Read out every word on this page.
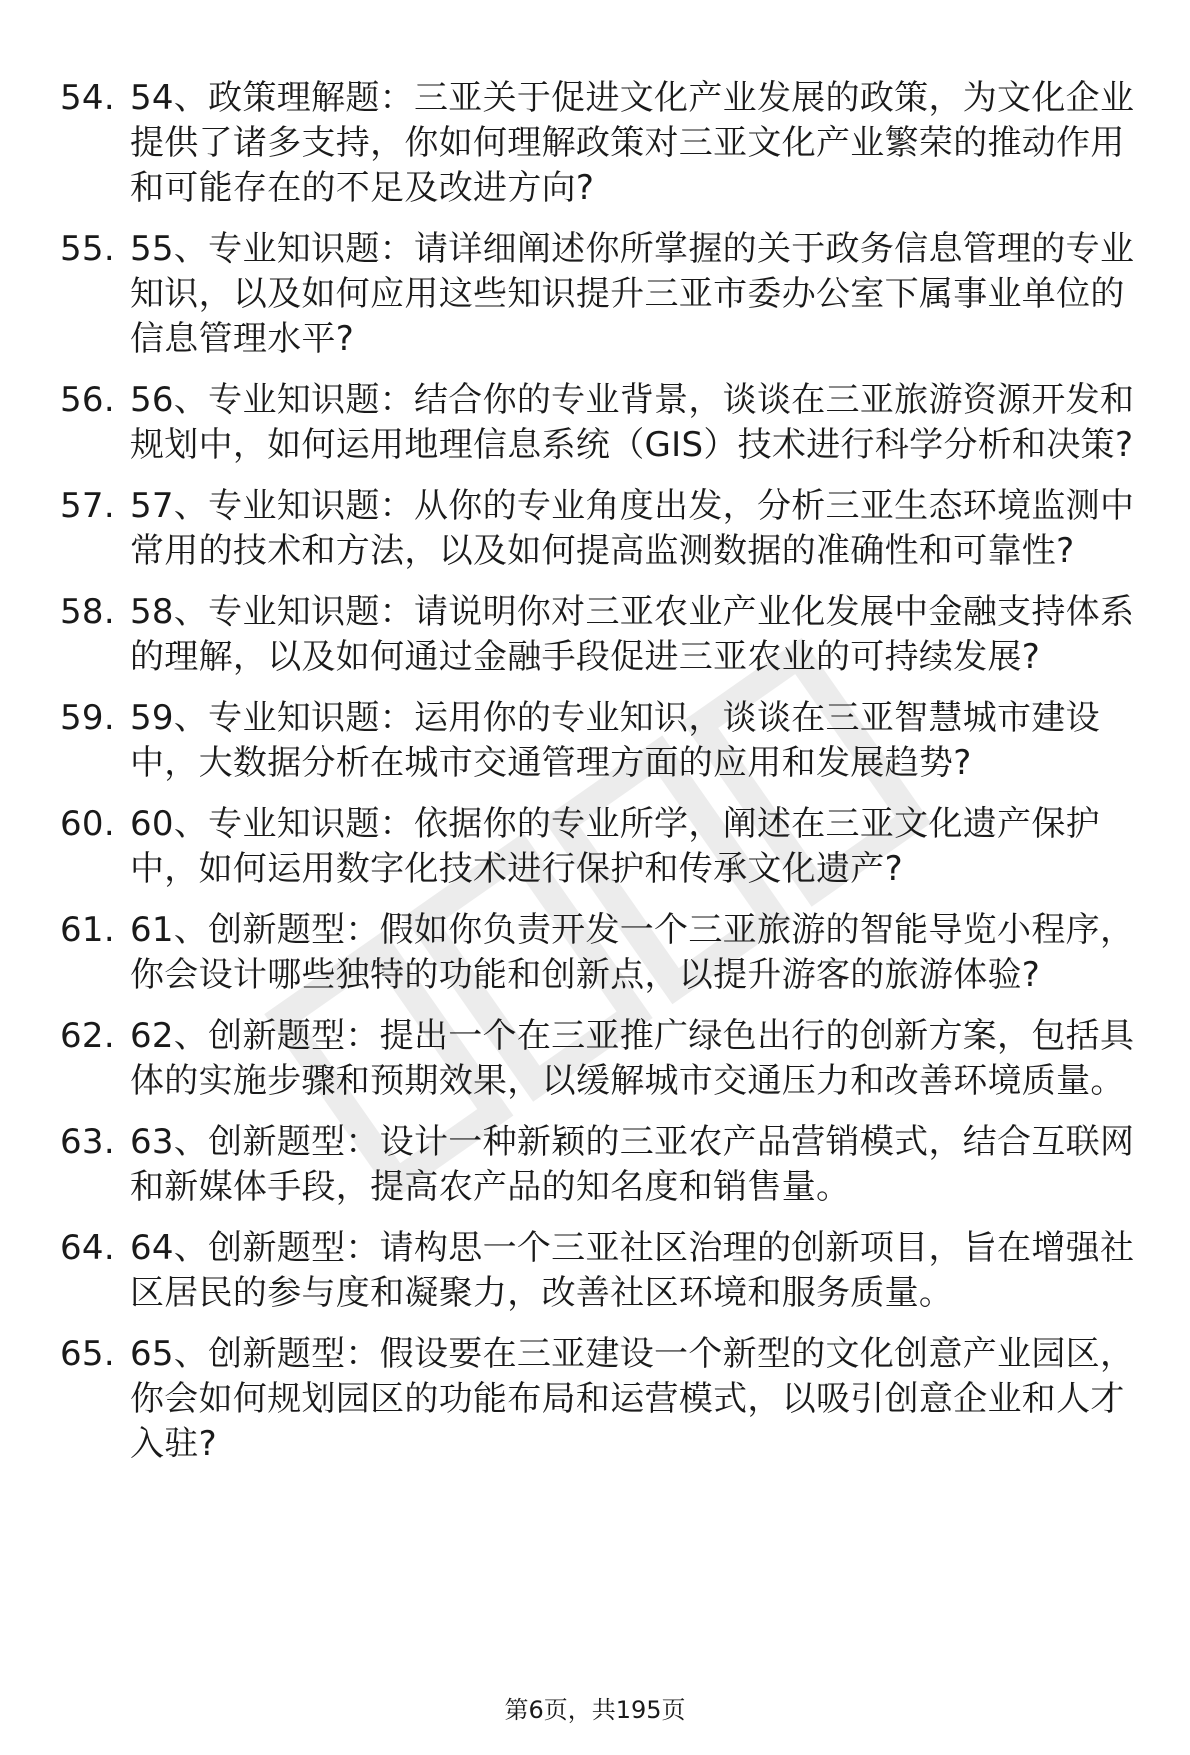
54. 54、政策理解题：三亚关于促进文化产业发展的政策，为文化企业提供了诸多支持，你如何理解政策对三亚文化产业繁荣的推动作用和可能存在的不足及改进方向?
55. 55、专业知识题：请详细阐述你所掌握的关于政务信息管理的专业知识，以及如何应用这些知识提升三亚市委办公室下属事业单位的信息管理水平?
56. 56、专业知识题：结合你的专业背景，谈谈在三亚旅游资源开发和规划中，如何运用地理信息系统（GIS）技术进行科学分析和决策?
57. 57、专业知识题：从你的专业角度出发，分析三亚生态环境监测中常用的技术和方法，以及如何提高监测数据的准确性和可靠性?
58. 58、专业知识题：请说明你对三亚农业产业化发展中金融支持体系的理解，以及如何通过金融手段促进三亚农业的可持续发展?
59. 59、专业知识题：运用你的专业知识，谈谈在三亚智慧城市建设中，大数据分析在城市交通管理方面的应用和发展趋势?
60. 60、专业知识题：依据你的专业所学，阐述在三亚文化遗产保护中，如何运用数字化技术进行保护和传承文化遗产?
61. 61、创新题型：假如你负责开发一个三亚旅游的智能导览小程序，你会设计哪些独特的功能和创新点，以提升游客的旅游体验?
62. 62、创新题型：提出一个在三亚推广绿色出行的创新方案，包括具体的实施步骤和预期效果，以缓解城市交通压力和改善环境质量。
63. 63、创新题型：设计一种新颖的三亚农产品营销模式，结合互联网和新媒体手段，提高农产品的知名度和销售量。
64. 64、创新题型：请构思一个三亚社区治理的创新项目，旨在增强社区居民的参与度和凝聚力，改善社区环境和服务质量。
65. 65、创新题型：假设要在三亚建设一个新型的文化创意产业园区，你会如何规划园区的功能布局和运营模式，以吸引创意企业和人才入驻?
第6页，共195页
